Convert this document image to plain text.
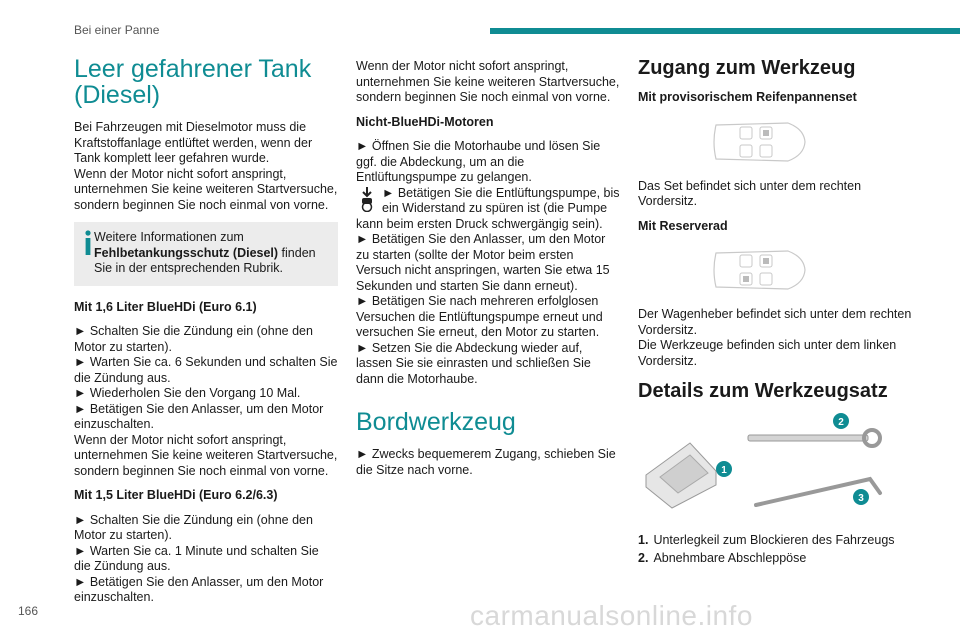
Bei einer Panne
Leer gefahrener Tank (Diesel)

Bei Fahrzeugen mit Dieselmotor muss die Kraftstoffanlage entlüftet werden, wenn der Tank komplett leer gefahren wurde.

Wenn der Motor nicht sofort anspringt, unternehmen Sie keine weiteren Startversuche, sondern beginnen Sie noch einmal von vorne.

Weitere Informationen zum
Fehlbetankungsschutz (Diesel) finden Sie in der entsprechenden Rubrik.
Mit 1,6 Liter BlueHDi (Euro 6.1)

► Schalten Sie die Zündung ein (ohne den Motor zu starten).

► Warten Sie ca. 6 Sekunden und schalten Sie die Zündung aus.

► Wiederholen Sie den Vorgang 10 Mal.

► Betätigen Sie den Anlasser, um den Motor einzuschalten.

Wenn der Motor nicht sofort anspringt, unternehmen Sie keine weiteren Startversuche, sondern beginnen Sie noch einmal von vorne.

Mit 1,5 Liter BlueHDi (Euro 6.2/6.3)

► Schalten Sie die Zündung ein (ohne den Motor zu starten).

► Warten Sie ca. 1 Minute und schalten Sie die Zündung aus.

► Betätigen Sie den Anlasser, um den Motor einzuschalten.

Wenn der Motor nicht sofort anspringt, unternehmen Sie keine weiteren Startversuche, sondern beginnen Sie noch einmal von vorne.

Nicht-BlueHDi-Motoren

► Öffnen Sie die Motorhaube und lösen Sie ggf. die Abdeckung, um an die Entlüftungspumpe zu gelangen.

► Betätigen Sie die Entlüftungspumpe, bis ein Widerstand zu spüren ist (die Pumpe kann beim ersten Druck schwergängig sein).

► Betätigen Sie den Anlasser, um den Motor zu starten (sollte der Motor beim ersten Versuch nicht anspringen, warten Sie etwa 15 Sekunden und starten Sie dann erneut).

► Betätigen Sie nach mehreren erfolglosen Versuchen die Entlüftungspumpe erneut und versuchen Sie erneut, den Motor zu starten.

► Setzen Sie die Abdeckung wieder auf, lassen Sie sie einrasten und schließen Sie dann die Motorhaube.

Bordwerkzeug

► Zwecks bequemerem Zugang, schieben Sie die Sitze nach vorne.

Zugang zum Werkzeug
Mit provisorischem Reifenpannenset

Das Set befindet sich unter dem rechten Vordersitz.

Mit Reserverad

Der Wagenheber befindet sich unter dem rechten Vordersitz.

Die Werkzeuge befinden sich unter dem linken Vordersitz.

Details zum Werkzeugsatz
1
2
3
1. Unterlegkeil zum Blockieren des Fahrzeugs
2. Abnehmbare Abschleppöse
166	carmanualsonline.info
